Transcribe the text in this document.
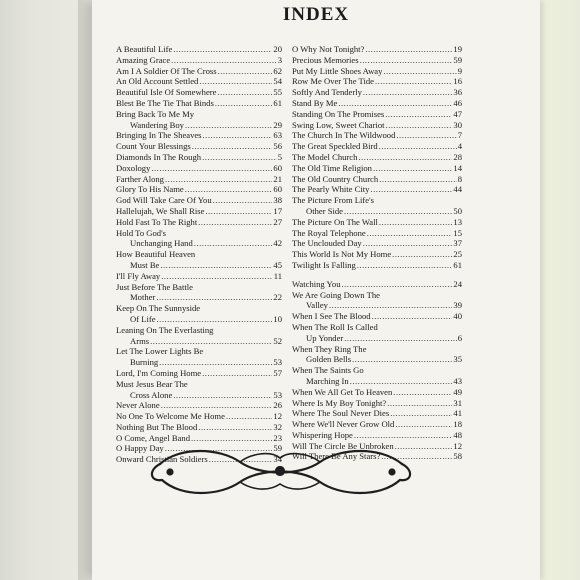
INDEX
A Beautiful Life .....	20
Amazing Grace .....	3
Am I A Soldier Of The Cross .....	62
An Old Account Settled .....	54
Beautiful Isle Of Somewhere .....	55
Blest Be The Tie That Binds .....	61
Bring Back To Me My
Wandering Boy .....	29
Bringing In The Sheaves .....	63
Count Your Blessings .....	56
Diamonds In The Rough .....	5
Doxology .....	60
Farther Along .....	21
Glory To His Name .....	60
God Will Take Care Of You .....	38
Hallelujah, We Shall Rise .....	17
Hold Fast To The Right .....	27
Hold To God's
Unchanging Hand .....	42
How Beautiful Heaven
Must Be .....	45
I'll Fly Away .....	11
Just Before The Battle
Mother .....	22
Keep On The Sunnyside
Of Life .....	10
Leaning On The Everlasting
Arms .....	52
Let The Lower Lights Be
Burning .....	53
Lord, I'm Coming Home .....	57
Must Jesus Bear The
Cross Alone .....	53
Never Alone .....	26
No One To Welcome Me Home .....	12
Nothing But The Blood .....	32
O Come, Angel Band .....	23
O Happy Day .....	59
Onward Christian Soldiers .....	34
O Why Not Tonight? .....	19
Precious Memories .....	59
Put My Little Shoes Away .....	9
Row Me Over The Tide .....	16
Softly And Tenderly .....	36
Stand By Me .....	46
Standing On The Promises .....	47
Swing Low, Sweet Chariot .....	30
The Church In The Wildwood .....	7
The Great Speckled Bird .....	4
The Model Church .....	28
The Old Time Religion .....	14
The Old Country Church .....	8
The Pearly White City .....	44
The Picture From Life's
Other Side .....	50
The Picture On The Wall .....	13
The Royal Telephone .....	15
The Unclouded Day .....	37
This World Is Not My Home .....	25
Twilight Is Falling .....	61
Watching You .....	24
We Are Going Down The
Valley .....	39
When I See The Blood .....	40
When The Roll Is Called
Up Yonder .....	6
When They Ring The
Golden Bells .....	35
When The Saints Go
Marching In .....	43
When We All Get To Heaven .....	49
Where Is My Boy Tonight? .....	31
Where The Soul Never Dies .....	41
Where We'll Never Grow Old .....	18
Whispering Hope .....	48
Will The Circle Be Unbroken .....	12
Will There Be Any Stars? .....	58
